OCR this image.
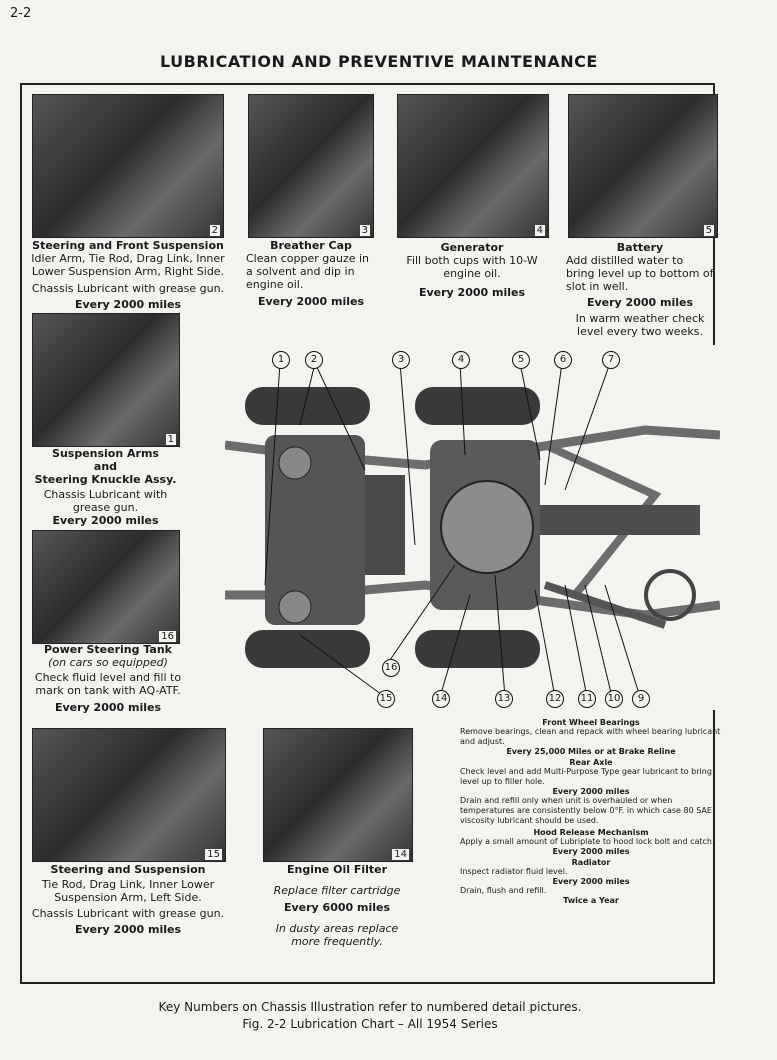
2-2
LUBRICATION AND PREVENTIVE MAINTENANCE
2
Steering and Front Suspension
Idler Arm, Tie Rod, Drag Link, Inner Lower Suspension Arm, Right Side.
Chassis Lubricant with grease gun.
Every 2000 miles
3
Breather Cap
Clean copper gauze in a solvent and dip in engine oil.
Every 2000 miles
4
Generator
Fill both cups with 10-W engine oil.
Every 2000 miles
5
Battery
Add distilled water to bring level up to bottom of slot in well.
Every 2000 miles
In warm weather check level every two weeks.
1
Suspension Arms
and
Steering Knuckle Assy.
Chassis Lubricant with grease gun.
Every 2000 miles
16
Power Steering Tank
(on cars so equipped)
Check fluid level and fill to mark on tank with AQ-ATF.
Every 2000 miles
15
Steering and Suspension
Tie Rod, Drag Link, Inner Lower Suspension Arm, Left Side.
Chassis Lubricant with grease gun.
Every 2000 miles
14
Engine Oil Filter
Replace filter cartridge
Every 6000 miles
In dusty areas replace more frequently.
1	2	3	4	5	6	7
16
15	14	13	12 11 10	9
Front Wheel Bearings
Remove bearings, clean and repack with wheel bearing lubricant and adjust.
Every 25,000 Miles or at Brake Reline
Rear Axle
Check level and add Multi-Purpose Type gear lubricant to bring level up to filler hole.
Every 2000 miles
Drain and refill only when unit is overhauled or when temperatures are consistently below 0°F. in which case 80 SAE viscosity lubricant should be used.
Hood Release Mechanism
Apply a small amount of Lubriplate to hood lock bolt and catch.
Every 2000 miles
Radiator
Inspect radiator fluid level.
Every 2000 miles
Drain, flush and refill.
Twice a Year
Key Numbers on Chassis Illustration refer to numbered detail pictures.
Fig. 2-2 Lubrication Chart – All 1954 Series
